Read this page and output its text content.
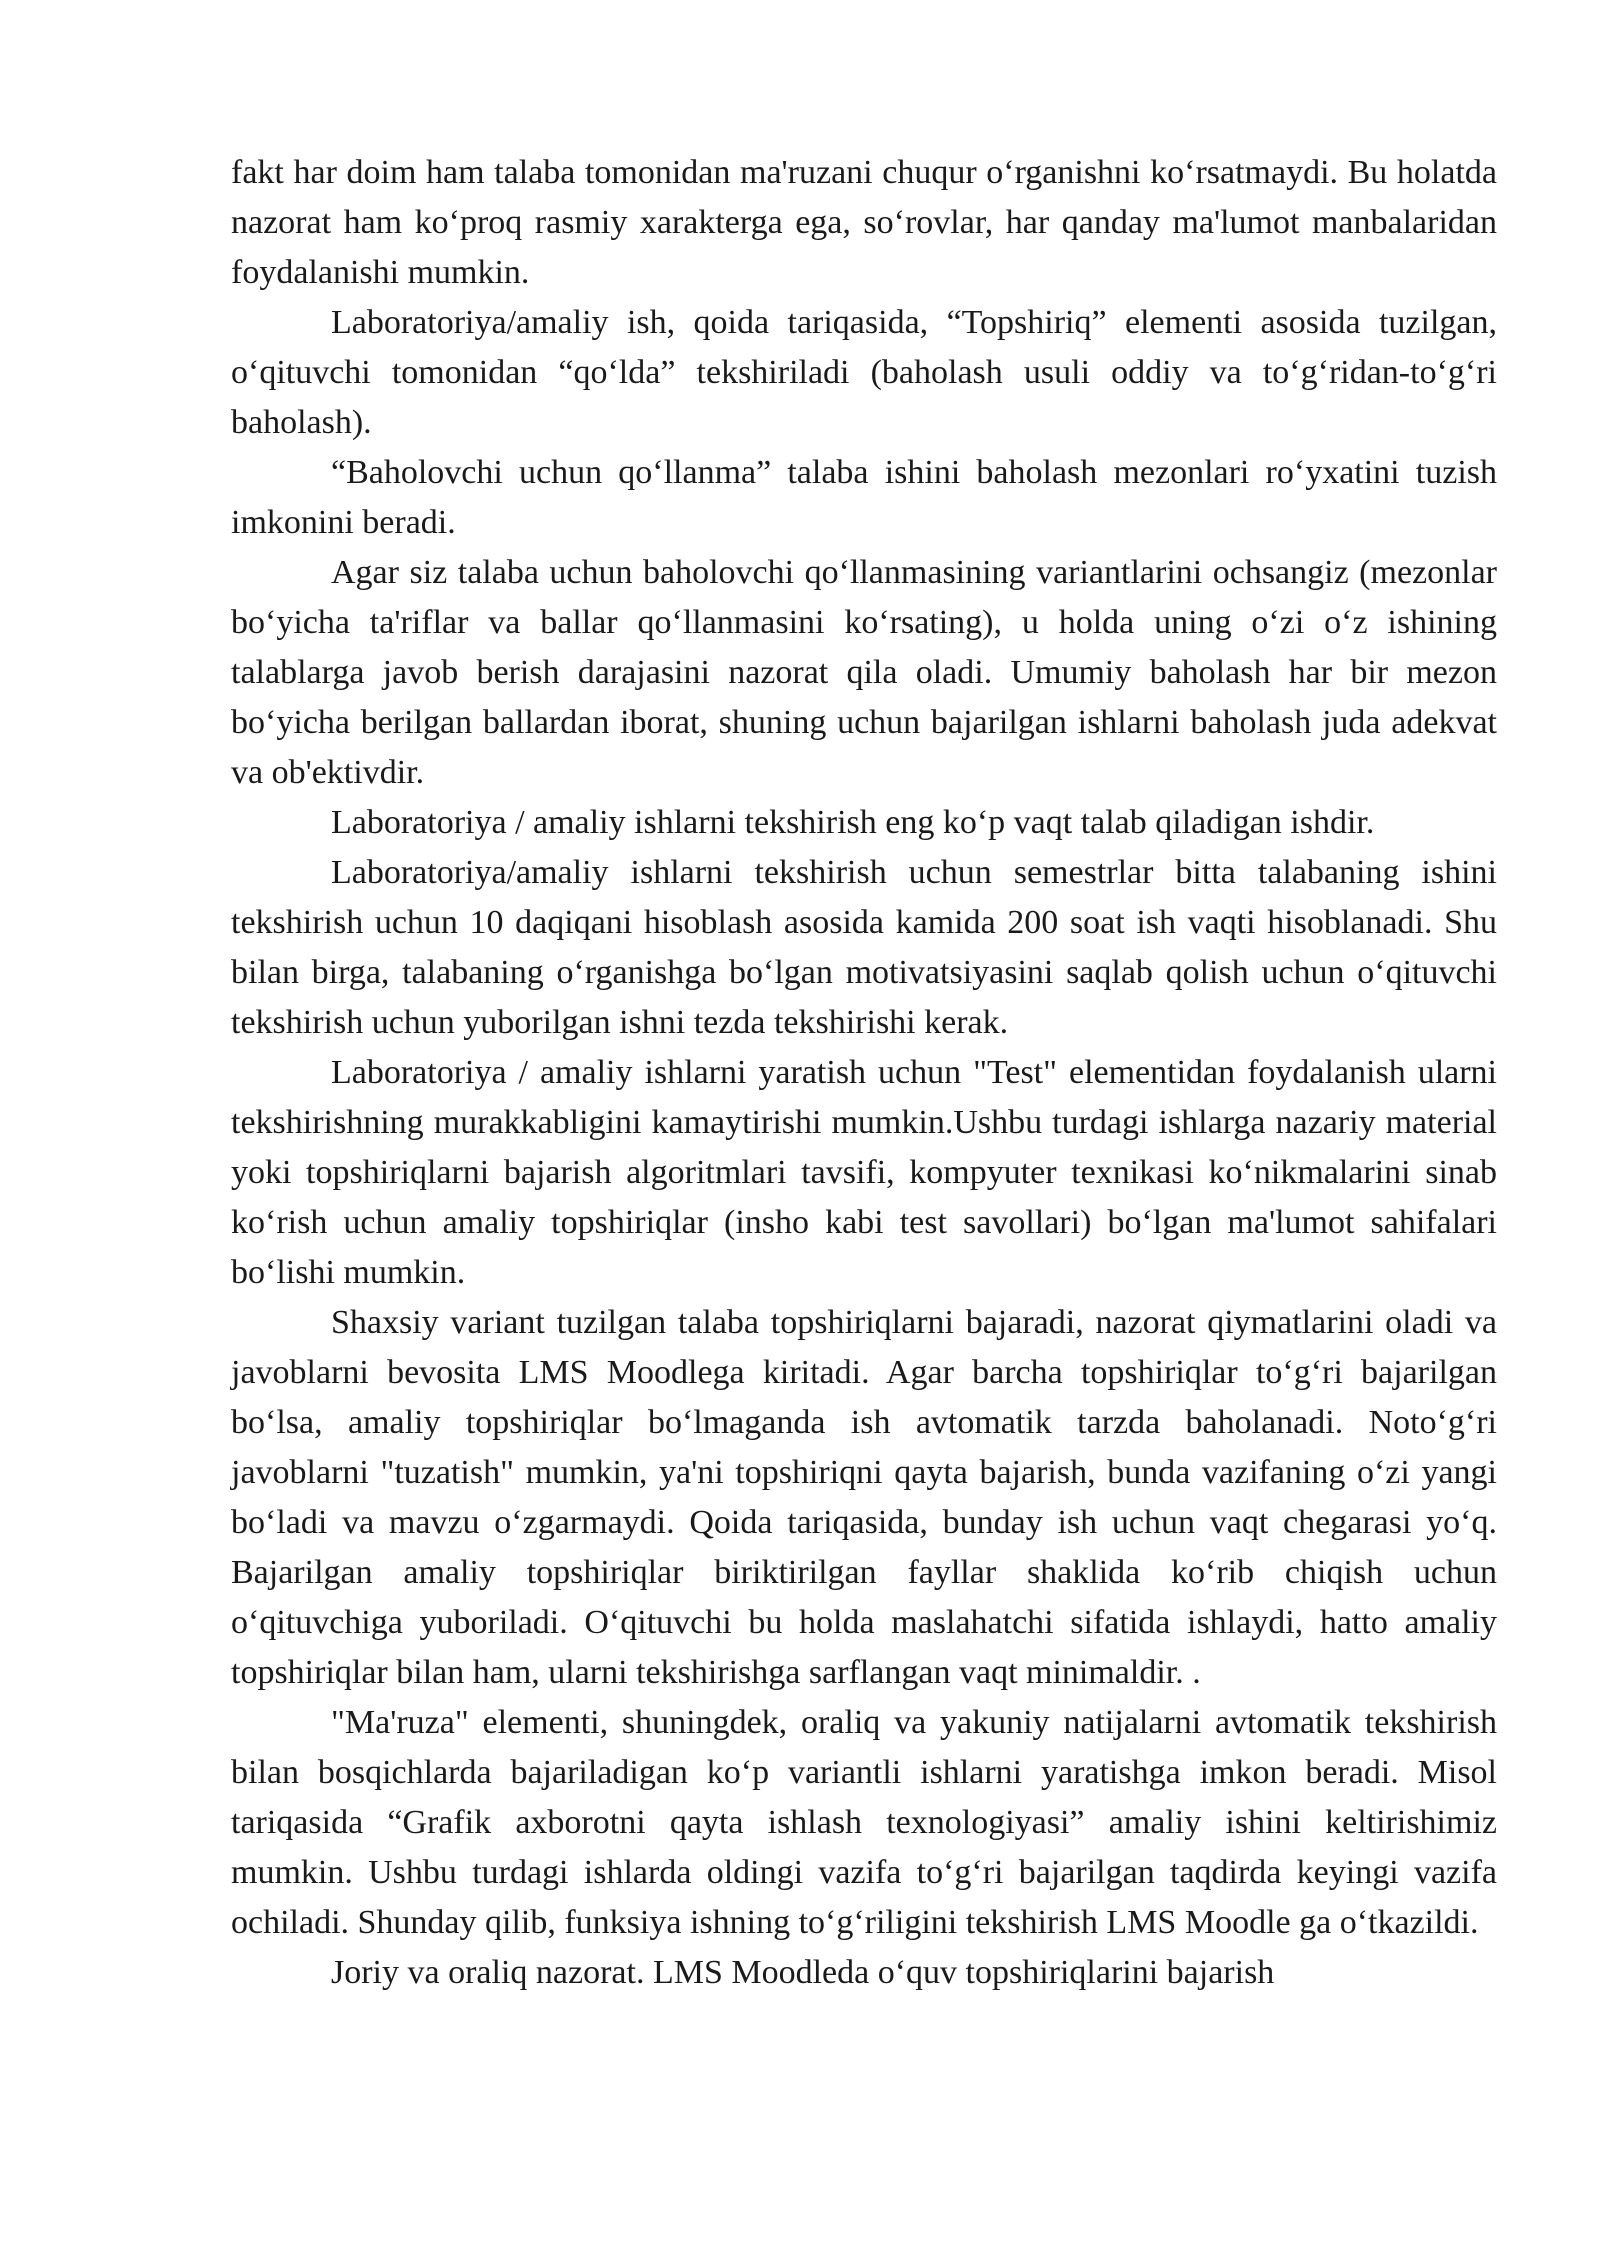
fakt har doim ham talaba tomonidan ma'ruzani chuqur o‘rganishni ko‘rsatmaydi. Bu holatda nazorat ham ko‘proq rasmiy xarakterga ega, so‘rovlar, har qanday ma'lumot manbalaridan foydalanishi mumkin.

Laboratoriya/amaliy ish, qoida tariqasida, “Topshiriq” elementi asosida tuzilgan, o‘qituvchi tomonidan “qo‘lda” tekshiriladi (baholash usuli oddiy va to‘g‘ridan-to‘g‘ri baholash).

“Baholovchi uchun qo‘llanma” talaba ishini baholash mezonlari ro‘yxatini tuzish imkonini beradi.

Agar siz talaba uchun baholovchi qo‘llanmasining variantlarini ochsangiz (mezonlar bo‘yicha ta'riflar va ballar qo‘llanmasini ko‘rsating), u holda uning o‘zi o‘z ishining talablarga javob berish darajasini nazorat qila oladi. Umumiy baholash har bir mezon bo‘yicha berilgan ballardan iborat, shuning uchun bajarilgan ishlarni baholash juda adekvat va ob'ektivdir.

Laboratoriya / amaliy ishlarni tekshirish eng ko‘p vaqt talab qiladigan ishdir.

Laboratoriya/amaliy ishlarni tekshirish uchun semestrlar bitta talabaning ishini tekshirish uchun 10 daqiqani hisoblash asosida kamida 200 soat ish vaqti hisoblanadi. Shu bilan birga, talabaning o‘rganishga bo‘lgan motivatsiyasini saqlab qolish uchun o‘qituvchi tekshirish uchun yuborilgan ishni tezda tekshirishi kerak.

Laboratoriya / amaliy ishlarni yaratish uchun "Test" elementidan foydalanish ularni tekshirishning murakkabligini kamaytirishi mumkin.Ushbu turdagi ishlarga nazariy material yoki topshiriqlarni bajarish algoritmlari tavsifi, kompyuter texnikasi ko‘nikmalarini sinab ko‘rish uchun amaliy topshiriqlar (insho kabi test savollari) bo‘lgan ma'lumot sahifalari bo‘lishi mumkin.

Shaxsiy variant tuzilgan talaba topshiriqlarni bajaradi, nazorat qiymatlarini oladi va javoblarni bevosita LMS Moodlega kiritadi. Agar barcha topshiriqlar to‘g‘ri bajarilgan bo‘lsa, amaliy topshiriqlar bo‘lmaganda ish avtomatik tarzda baholanadi. Noto‘g‘ri javoblarni "tuzatish" mumkin, ya'ni topshiriqni qayta bajarish, bunda vazifaning o‘zi yangi bo‘ladi va mavzu o‘zgarmaydi. Qoida tariqasida, bunday ish uchun vaqt chegarasi yo‘q. Bajarilgan amaliy topshiriqlar biriktirilgan fayllar shaklida ko‘rib chiqish uchun o‘qituvchiga yuboriladi. O‘qituvchi bu holda maslahatchi sifatida ishlaydi, hatto amaliy topshiriqlar bilan ham, ularni tekshirishga sarflangan vaqt minimaldir. .

"Ma'ruza" elementi, shuningdek, oraliq va yakuniy natijalarni avtomatik tekshirish bilan bosqichlarda bajariladigan ko‘p variantli ishlarni yaratishga imkon beradi. Misol tariqasida “Grafik axborotni qayta ishlash texnologiyasi” amaliy ishini keltirishimiz mumkin. Ushbu turdagi ishlarda oldingi vazifa to‘g‘ri bajarilgan taqdirda keyingi vazifa ochiladi. Shunday qilib, funksiya ishning to‘g‘riligini tekshirish LMS Moodle ga o‘tkazildi.

Joriy va oraliq nazorat. LMS Moodleda o‘quv topshiriqlarini bajarish
